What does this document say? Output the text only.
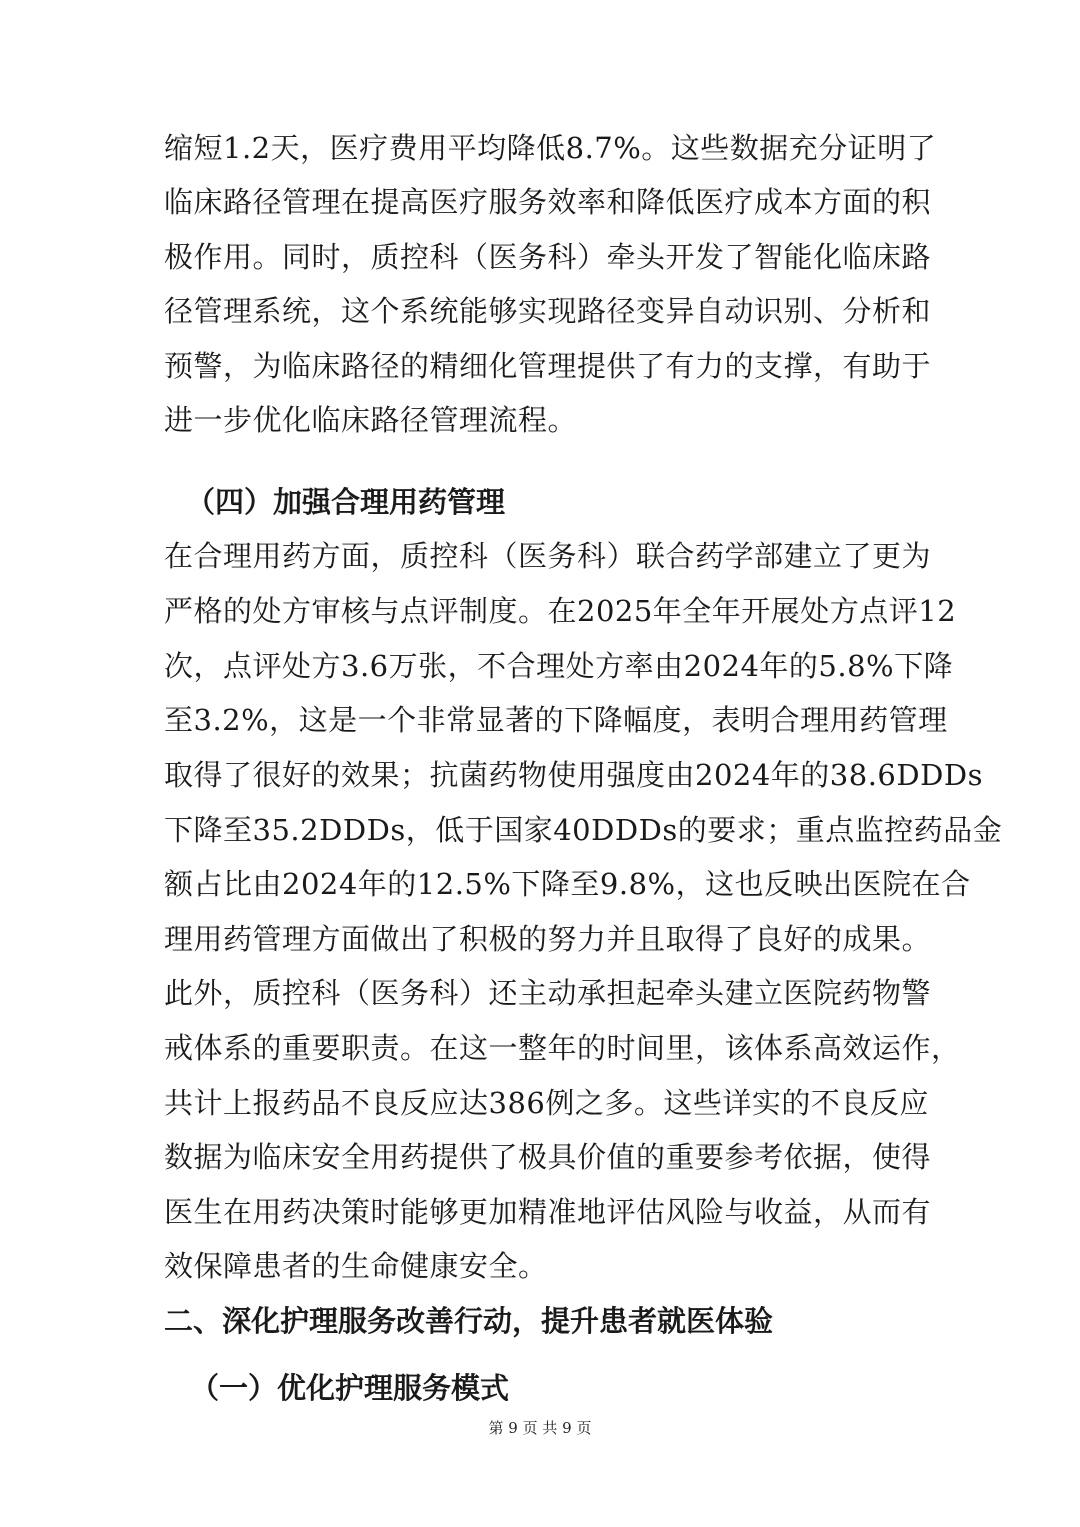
缩短1.2天，医疗费用平均降低8.7%。这些数据充分证明了
临床路径管理在提高医疗服务效率和降低医疗成本方面的积
极作用。同时，质控科（医务科）牵头开发了智能化临床路
径管理系统，这个系统能够实现路径变异自动识别、分析和
预警，为临床路径的精细化管理提供了有力的支撑，有助于
进一步优化临床路径管理流程。
（四）加强合理用药管理
在合理用药方面，质控科（医务科）联合药学部建立了更为
严格的处方审核与点评制度。在2025年全年开展处方点评12
次，点评处方3.6万张，不合理处方率由2024年的5.8%下降
至3.2%，这是一个非常显著的下降幅度，表明合理用药管理
取得了很好的效果；抗菌药物使用强度由2024年的38.6DDDs
下降至35.2DDDs，低于国家40DDDs的要求；重点监控药品金
额占比由2024年的12.5%下降至9.8%，这也反映出医院在合
理用药管理方面做出了积极的努力并且取得了良好的成果。
此外，质控科（医务科）还主动承担起牵头建立医院药物警
戒体系的重要职责。在这一整年的时间里，该体系高效运作，
共计上报药品不良反应达386例之多。这些详实的不良反应
数据为临床安全用药提供了极具价值的重要参考依据，使得
医生在用药决策时能够更加精准地评估风险与收益，从而有
效保障患者的生命健康安全。
二、深化护理服务改善行动，提升患者就医体验
（一）优化护理服务模式
第 9 页 共 9 页
